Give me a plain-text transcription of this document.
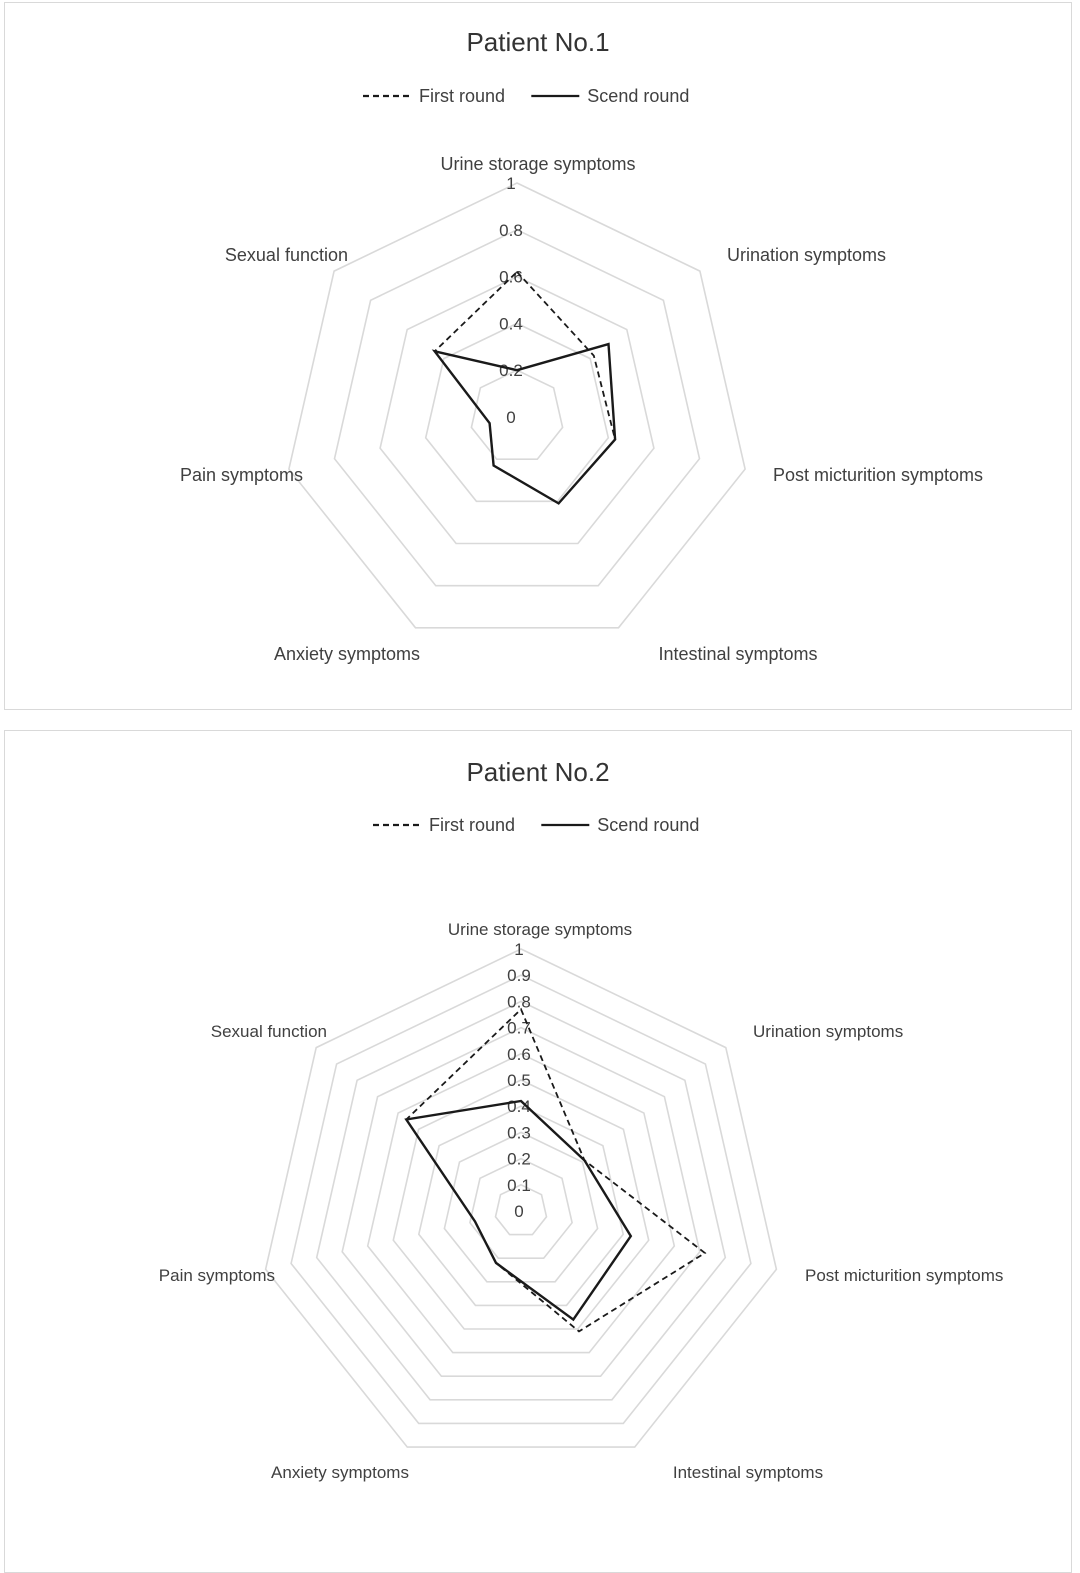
Patient No.1
First round	Scend round
0
0.2
0.4
0.6
0.8
1
Urine storage symptoms
Urination symptoms
Post micturition symptoms
Intestinal symptoms
Anxiety symptoms
Pain symptoms
Sexual function
Patient No.2
First round	Scend round
0
0.1
0.2
0.3
0.4
0.5
0.6
0.7
0.8
0.9
1
Urine storage symptoms
Urination symptoms
Post micturition symptoms
Intestinal symptoms
Anxiety symptoms
Pain symptoms
Sexual function
